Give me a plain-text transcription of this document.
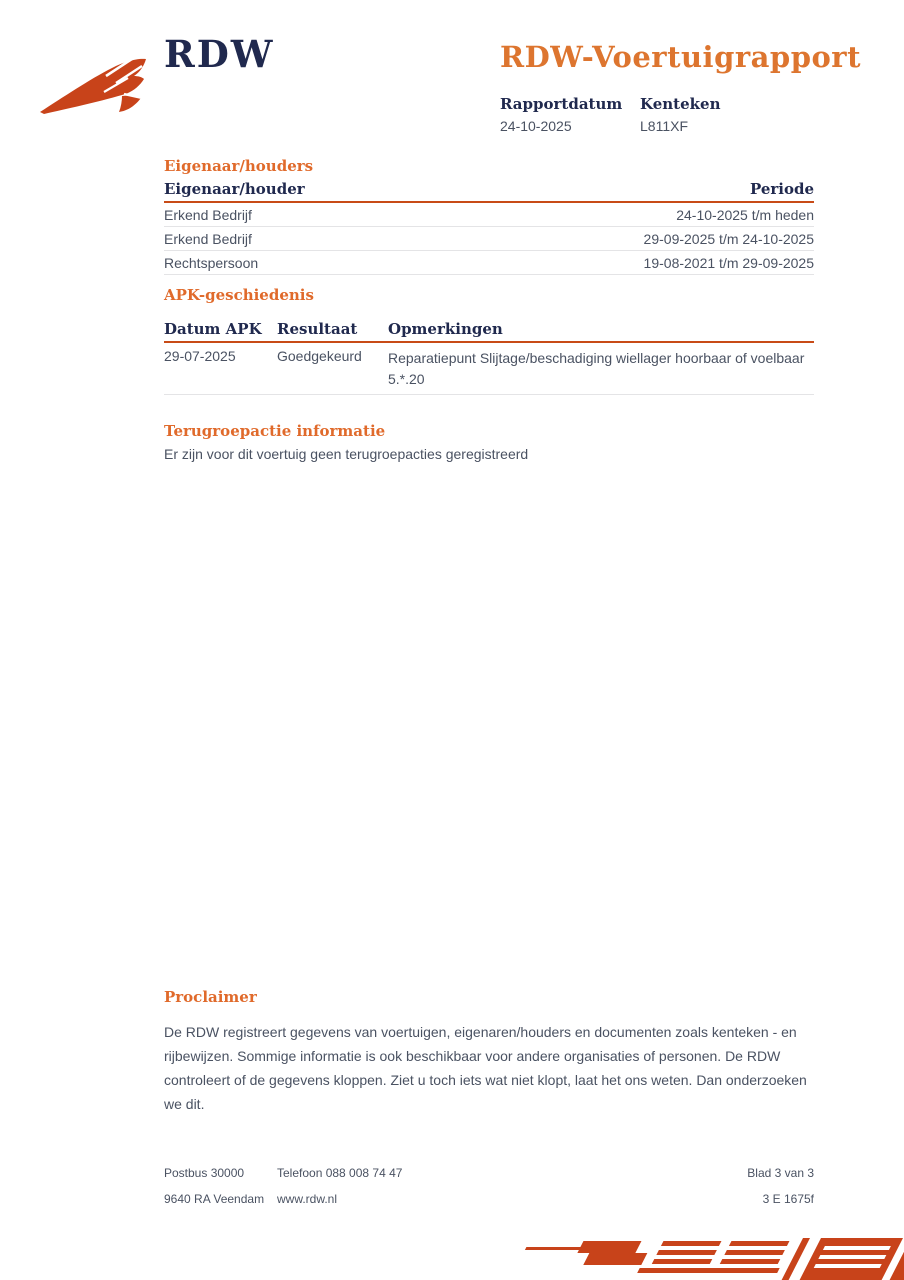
RDW	RDW-Voertuigrapport
Rapportdatum
24-10-2025
Kenteken
L811XF
Eigenaar/houders
Eigenaar/houder	Periode
Erkend Bedrijf	24-10-2025 t/m heden
Erkend Bedrijf	29-09-2025 t/m 24-10-2025
Rechtspersoon	19-08-2021 t/m 29-09-2025
APK-geschiedenis
Datum APK	Resultaat	Opmerkingen
29-07-2025	Goedgekeurd	Reparatiepunt Slijtage/beschadiging wiellager hoorbaar of voelbaar
5.*.20
Terugroepactie informatie

Er zijn voor dit voertuig geen terugroepacties geregistreerd

Proclaimer

De RDW registreert gegevens van voertuigen, eigenaren/houders en documenten zoals kenteken - en rijbewijzen. Sommige informatie is ook beschikbaar voor andere organisaties of personen. De RDW controleert of de gegevens kloppen. Ziet u toch iets wat niet klopt, laat het ons weten. Dan onderzoeken we dit.

Postbus 30000	Telefoon 088 008 74 47	Blad 3 van 3
9640 RA Veendam	www.rdw.nl	3 E 1675f
